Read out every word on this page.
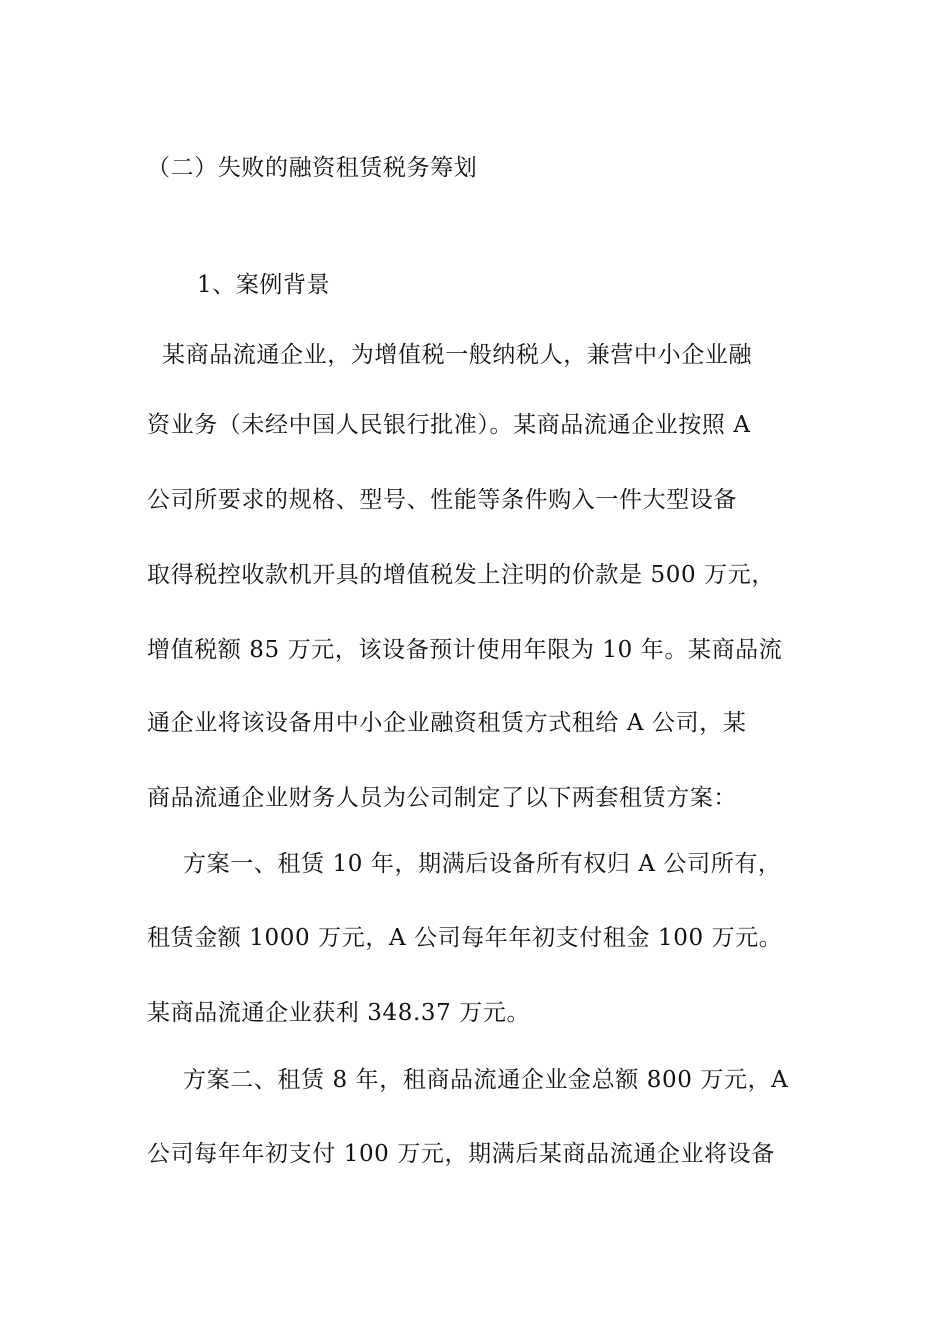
（二）失败的融资租赁税务筹划
1、案例背景
某商品流通企业，为增值税一般纳税人，兼营中小企业融
资业务（未经中国人民银行批准）。某商品流通企业按照 A
公司所要求的规格、型号、性能等条件购入一件大型设备
取得税控收款机开具的增值税发上注明的价款是 500 万元，
增值税额 85 万元，该设备预计使用年限为 10 年。某商品流
通企业将该设备用中小企业融资租赁方式租给 A 公司，某
商品流通企业财务人员为公司制定了以下两套租赁方案：
方案一、租赁 10 年，期满后设备所有权归 A 公司所有，
租赁金额 1000 万元，A 公司每年年初支付租金 100 万元。
某商品流通企业获利 348.37 万元。
方案二、租赁 8 年，租商品流通企业金总额 800 万元，A
公司每年年初支付 100 万元，期满后某商品流通企业将设备
